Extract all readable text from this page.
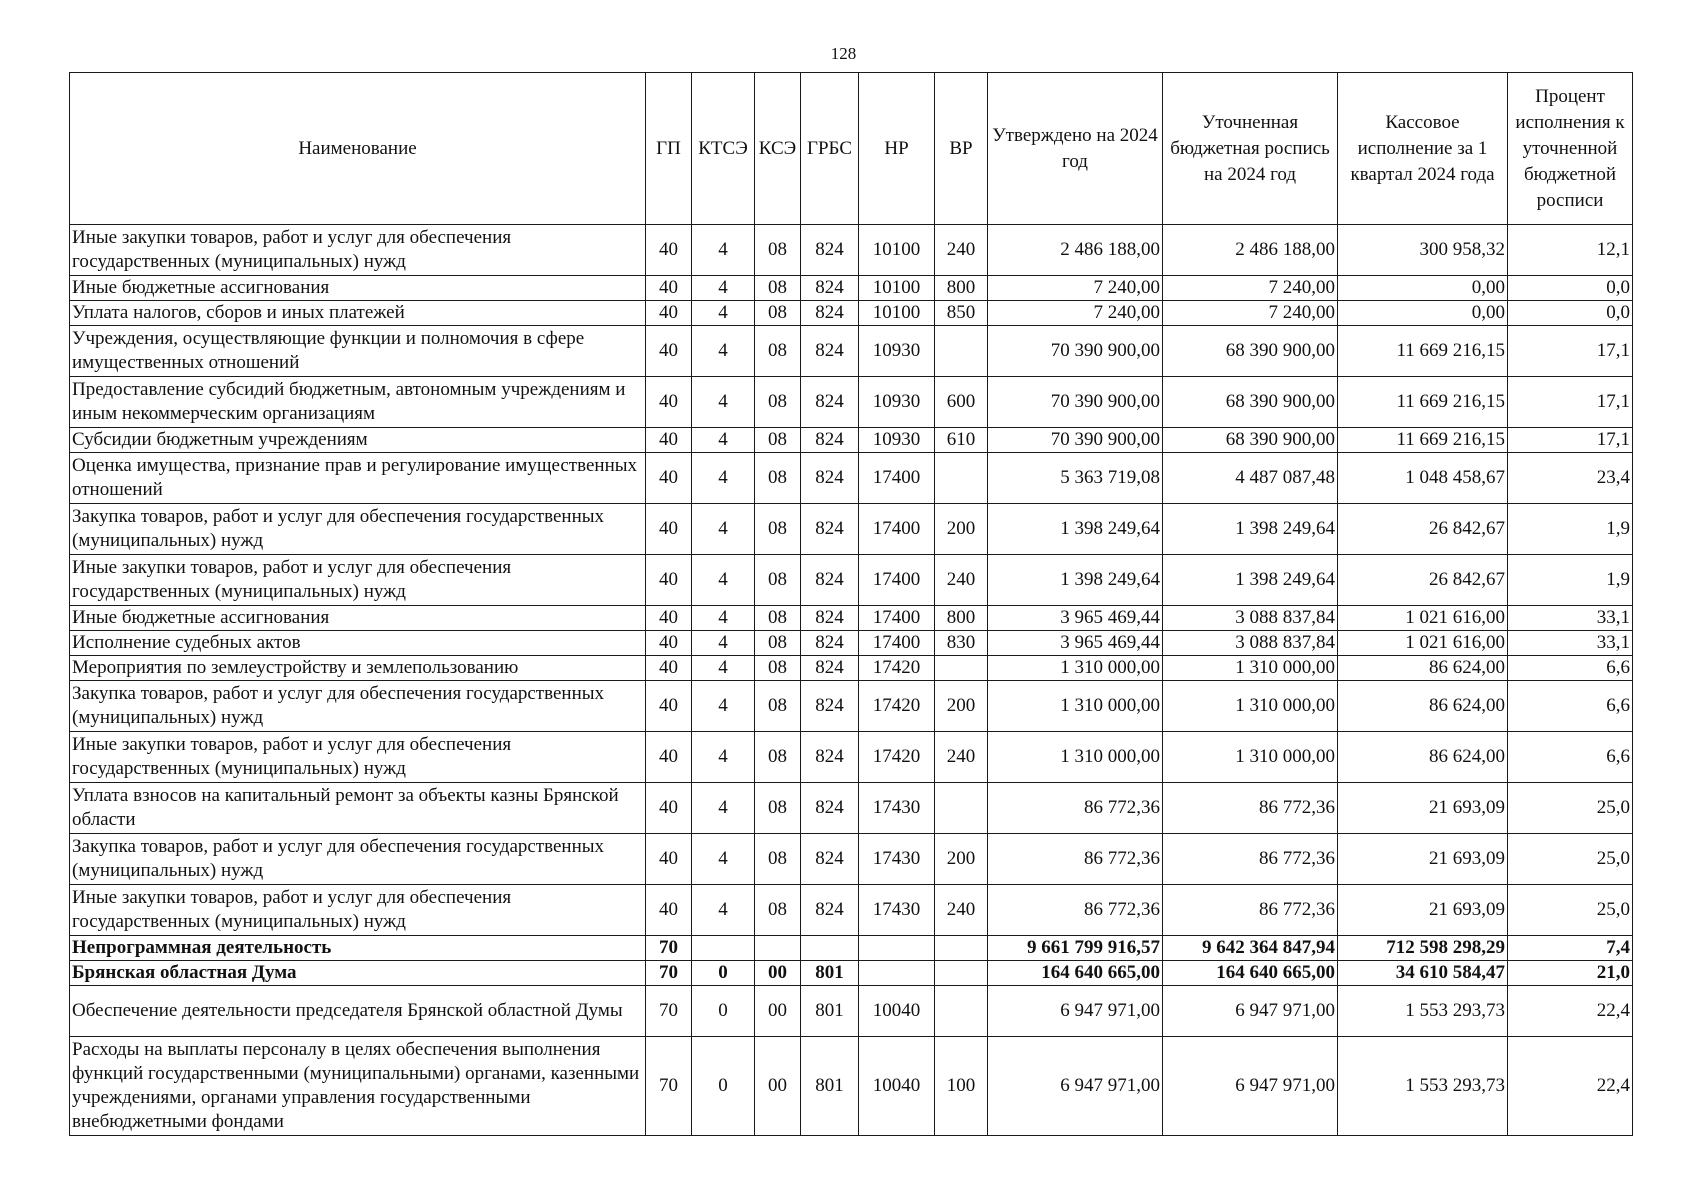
128
Наименование	ГП	КТСЭ	КСЭ	ГРБС	НР	ВР	Утверждено на 2024 год	Уточненная бюджетная роспись на 2024 год	Кассовое исполнение за 1 квартал 2024 года	Процент исполнения к уточненной бюджетной росписи
Иные закупки товаров, работ и услуг для обеспечения государственных (муниципальных) нужд	40	4	08	824	10100	240	2 486 188,00	2 486 188,00	300 958,32	12,1
Иные бюджетные ассигнования	40	4	08	824	10100	800	7 240,00	7 240,00	0,00	0,0
Уплата налогов, сборов и иных платежей	40	4	08	824	10100	850	7 240,00	7 240,00	0,00	0,0
Учреждения, осуществляющие функции и полномочия в сфере имущественных отношений	40	4	08	824	10930		70 390 900,00	68 390 900,00	11 669 216,15	17,1
Предоставление субсидий бюджетным, автономным учреждениям и иным некоммерческим организациям	40	4	08	824	10930	600	70 390 900,00	68 390 900,00	11 669 216,15	17,1
Субсидии бюджетным учреждениям	40	4	08	824	10930	610	70 390 900,00	68 390 900,00	11 669 216,15	17,1
Оценка имущества, признание прав и регулирование имущественных отношений	40	4	08	824	17400		5 363 719,08	4 487 087,48	1 048 458,67	23,4
Закупка товаров, работ и услуг для обеспечения государственных (муниципальных) нужд	40	4	08	824	17400	200	1 398 249,64	1 398 249,64	26 842,67	1,9
Иные закупки товаров, работ и услуг для обеспечения государственных (муниципальных) нужд	40	4	08	824	17400	240	1 398 249,64	1 398 249,64	26 842,67	1,9
Иные бюджетные ассигнования	40	4	08	824	17400	800	3 965 469,44	3 088 837,84	1 021 616,00	33,1
Исполнение судебных актов	40	4	08	824	17400	830	3 965 469,44	3 088 837,84	1 021 616,00	33,1
Мероприятия по землеустройству и землепользованию	40	4	08	824	17420		1 310 000,00	1 310 000,00	86 624,00	6,6
Закупка товаров, работ и услуг для обеспечения государственных (муниципальных) нужд	40	4	08	824	17420	200	1 310 000,00	1 310 000,00	86 624,00	6,6
Иные закупки товаров, работ и услуг для обеспечения государственных (муниципальных) нужд	40	4	08	824	17420	240	1 310 000,00	1 310 000,00	86 624,00	6,6
Уплата взносов на капитальный ремонт за объекты казны Брянской области	40	4	08	824	17430		86 772,36	86 772,36	21 693,09	25,0
Закупка товаров, работ и услуг для обеспечения государственных (муниципальных) нужд	40	4	08	824	17430	200	86 772,36	86 772,36	21 693,09	25,0
Иные закупки товаров, работ и услуг для обеспечения государственных (муниципальных) нужд	40	4	08	824	17430	240	86 772,36	86 772,36	21 693,09	25,0
Непрограммная деятельность	70						9 661 799 916,57	9 642 364 847,94	712 598 298,29	7,4
Брянская областная Дума	70	0	00	801			164 640 665,00	164 640 665,00	34 610 584,47	21,0
Обеспечение деятельности председателя Брянской областной Думы	70	0	00	801	10040		6 947 971,00	6 947 971,00	1 553 293,73	22,4
Расходы на выплаты персоналу в целях обеспечения выполнения функций государственными (муниципальными) органами, казенными учреждениями, органами управления государственными внебюджетными фондами	70	0	00	801	10040	100	6 947 971,00	6 947 971,00	1 553 293,73	22,4
